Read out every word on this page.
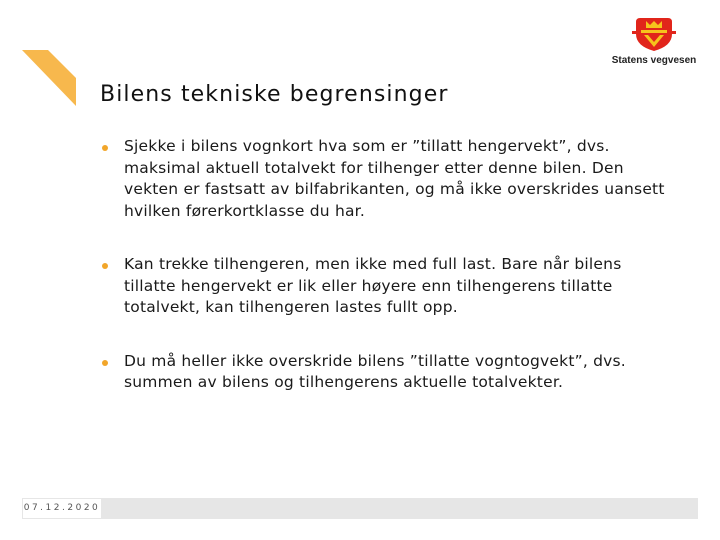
Statens vegvesen
Bilens tekniske begrensinger
Sjekke i bilens vognkort hva som er ”tillatt hengervekt”, dvs. maksimal aktuell totalvekt for tilhenger etter denne bilen. Den vekten er fastsatt av bilfabrikanten, og må ikke overskrides uansett hvilken førerkortklasse du har.
Kan trekke tilhengeren, men ikke med full last. Bare når bilens tillatte hengervekt er lik eller høyere enn tilhengerens tillatte totalvekt, kan tilhengeren lastes fullt opp.
Du må heller ikke overskride bilens ”tillatte vogntogvekt”, dvs. summen av bilens og tilhengerens aktuelle totalvekter.
07.12.2020
